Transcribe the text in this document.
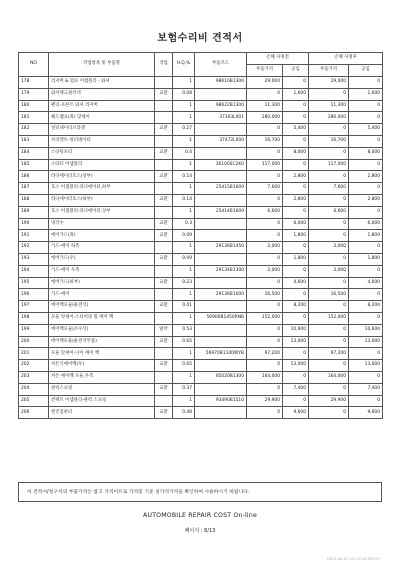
보험수리비 견적서
NO	작업항목 및 부품명	작업	H.Q,%	부품코드	손해 사정전		손해 사정후	
					부품가격	공임	부품가격	공임
178	리저버 & 펌프 어셈블리 - 와셔		1	98610B1300	29,000	0	29,000	0
179	와셔탱크필러넥	교환	0.08		0	1,600	0	1,600
180	펜더-프론트 와셔 리저버		1	98622B1300	11,300	0	11,300	0
181	헤드램프(좌) 맞세이		1	37303L001	280,000	0	280,000	0
182	얼터네이터브라켓	교환	0.27		0	5,400	0	5,400
183	브라켓트-얼터네이터		1	37472L000	16,700	0	16,700	0
184	스타팅모터	교환	0.4		0	8,000	0	8,000
185	스타터 어셈블리		1	36100SC2K0	117,000	0	117,000	0
186	라디에이터호스(상부)	교환	0.14		0	2,800	0	2,800
187	호스 어셈블리-라디에이터,하부		1	25415B1000	7,600	0	7,600	0
188	라디에이터호스(하부)	교환	0.14		0	2,800	0	2,800
189	호스 어셈블리-라디에이터,상부		1	25414B1000	6,600	0	6,600	0
190	냉각수	교환	0.3		0	6,000	0	6,000
191	에어가드(좌)	교환	0.09		0	1,800	0	1,800
192	가드-에어 하측		1	29136B1450	2,000	0	2,000	0
193	에어가드(우)	교환	0.09		0	1,800	0	1,800
194	가드-에어 우측		1	29134B1300	2,000	0	2,000	0
195	에어가드(하부)	교환	0.23		0	4,600	0	4,600
196	가드-에어		1	29136B1000	16,500	0	16,500	0
197	에어백모듈(운전석)	교환	0.41		0	8,200	0	8,200
198	모듈 앗세이-스티어링 휠 에어 백		1	56900B1450RNB	152,000	0	152,000	0
199	에어백모듈(조수석)	탈착	0.53		0	10,600	0	10,600
200	에어백모듈(운전석무릎)	교환	0.65		0	13,000	0	13,000
201	모듈 앗세이-니이 에어 백		1	56970B1100WYB	97,200	0	97,200	0
202	커튼식에어백(우)	교환	0.65		0	13,000	0	13,000
203	커튼 에어백 모듈,우측		1	85020B1300	164,000	0	164,000	0
204	클럭스프링	교환	0.37		0	7,400	0	7,400
205	컨택트 어셈블리-클럭 스프링		1	93490B1510	29,900	0	29,900	0
206	엔진컴퓨터	교환	0.48		0	9,600	0	9,600
이 견적서/청구서의 부품가격은 참고 가격이므로 가격및 기준 실가격가격을 확인하여 사용하시기 바랍니다.
AUTOMOBILE REPAIR COST On-line
페이지 : 8/13
2023-04-07 14:15:46 RT077
